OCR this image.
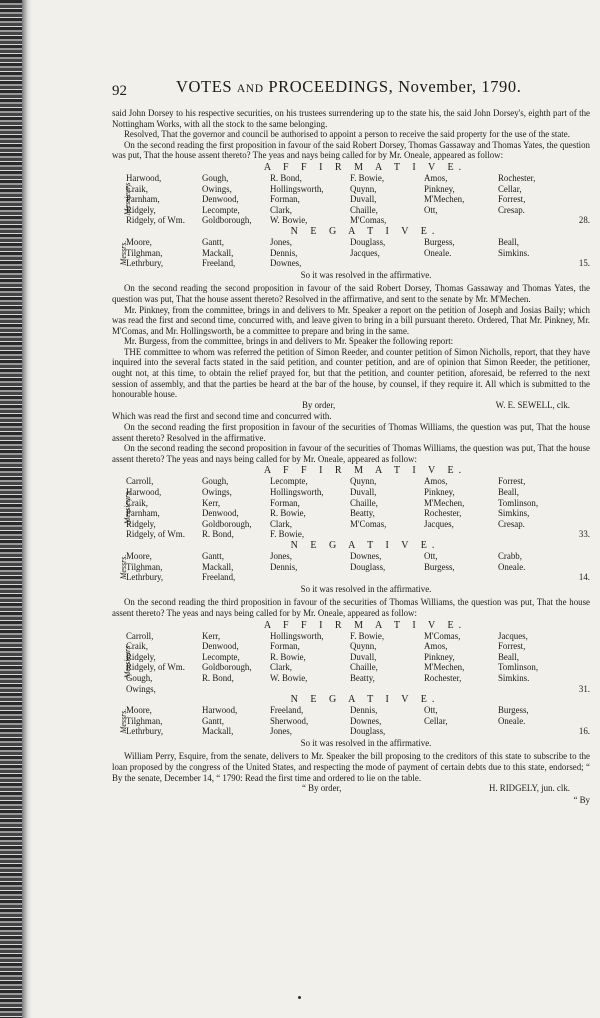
92	VOTES AND PROCEEDINGS, November, 1790.

said John Dorsey to his respective securities, on his trustees surrendering up to the state his, the said John Dorsey's, eighth part of the Nottingham Works, with all the stock to the same belonging.

Resolved, That the governor and council be authorised to appoint a person to receive the said property for the use of the state.

On the second reading the first proposition in favour of the said Robert Dorsey, Thomas Gassaway and Thomas Yates, the question was put, That the house assent thereto? The yeas and nays being called for by Mr. Oneale, appeared as follow:

A F F I R M A T I V E.
Messieurs
Harwood,	Gough,	R. Bond,	F. Bowie,	Amos,	Rochester,
Craik,	Owings,	Hollingsworth,	Quynn,	Pinkney,	Cellar,
Parnham,	Denwood,	Forman,	Duvall,	M'Mechen,	Forrest,
Ridgely,	Lecompte,	Clark,	Chaille,	Ott,	Cresap.
Ridgely, of Wm.	Goldborough,	W. Bowie,	M'Comas,	28.
N E G A T I V E.
Messrs.
Moore,	Gantt,	Jones,	Douglass,	Burgess,	Beall,
Tilghman,	Mackall,	Dennis,	Jacques,	Oneale.	Simkins.
Lethrbury,	Freeland,	Downes,	15.
So it was resolved in the affirmative.

On the second reading the second proposition in favour of the said Robert Dorsey, Thomas Gassaway and Thomas Yates, the question was put, That the house assent thereto? Resolved in the affirmative, and sent to the senate by Mr. M'Mechen.

Mr. Pinkney, from the committee, brings in and delivers to Mr. Speaker a report on the petition of Joseph and Josias Baily; which was read the first and second time, concurred with, and leave given to bring in a bill pursuant thereto. Ordered, That Mr. Pinkney, Mr. M'Comas, and Mr. Hollingsworth, be a committee to prepare and bring in the same.

Mr. Burgess, from the committee, brings in and delivers to Mr. Speaker the following report:

THE committee to whom was referred the petition of Simon Reeder, and counter petition of Simon Nicholls, report, that they have inquired into the several facts stated in the said petition, and counter petition, and are of opinion that Simon Reeder, the petitioner, ought not, at this time, to obtain the relief prayed for, but that the petition, and counter petition, aforesaid, be referred to the next session of assembly, and that the parties be heard at the bar of the house, by counsel, if they require it. All which is submitted to the honourable house.

By order,	W. E. SEWELL, clk.

Which was read the first and second time and concurred with.

On the second reading the first proposition in favour of the securities of Thomas Williams, the question was put, That the house assent thereto? Resolved in the affirmative.

On the second reading the second proposition in favour of the securities of Thomas Williams, the question was put, That the house assent thereto? The yeas and nays being called for by Mr. Oneale, appeared as follow:

A F F I R M A T I V E.
Messieurs
Carroll,	Gough,	Lecompte,	Quynn,	Amos,	Forrest,
Harwood,	Owings,	Hollingsworth,	Duvall,	Pinkney,	Beall,
Craik,	Kerr,	Forman,	Chaille,	M'Mechen,	Tomlinson,
Parnham,	Denwood,	R. Bowie,	Beatty,	Rochester,	Simkins,
Ridgely,	Goldborough,	Clark,	M'Comas,	Jacques,	Cresap.
Ridgely, of Wm.	R. Bond,	F. Bowie,	33.
N E G A T I V E.
Messrs.
Moore,	Gantt,	Jones,	Downes,	Ott,	Crabb,
Tilghman,	Mackall,	Dennis,	Douglass,	Burgess,	Oneale.
Lethrbury,	Freeland,	14.
So it was resolved in the affirmative.

On the second reading the third proposition in favour of the securities of Thomas Williams, the question was put, That the house assent thereto? The yeas and nays being called for by Mr. Oneale, appeared as follow:

A F F I R M A T I V E.
Messieurs
Carroll,	Kerr,	Hollingsworth,	F. Bowie,	M'Comas,	Jacques,
Craik,	Denwood,	Forman,	Quynn,	Amos,	Forrest,
Ridgely,	Lecompte,	R. Bowie,	Duvall,	Pinkney,	Beall,
Ridgely, of Wm.	Goldborough,	Clark,	Chaille,	M'Mechen,	Tomlinson,
Gough,	R. Bond,	W. Bowie,	Beatty,	Rochester,	Simkins.
Owings,	31.
N E G A T I V E.
Messrs.
Moore,	Harwood,	Freeland,	Dennis,	Ott,	Burgess,
Tilghman,	Gantt,	Sherwood,	Downes,	Cellar,	Oneale.
Lethrbury,	Mackall,	Jones,	Douglass,	16.
So it was resolved in the affirmative.

William Perry, Esquire, from the senate, delivers to Mr. Speaker the bill proposing to the creditors of this state to subscribe to the loan proposed by the congress of the United States, and respecting the mode of payment of certain debts due to this state, endorsed; “ By the senate, December 14, “ 1790: Read the first time and ordered to lie on the table.

“ By order,	H. RIDGELY, jun. clk.
“ By
